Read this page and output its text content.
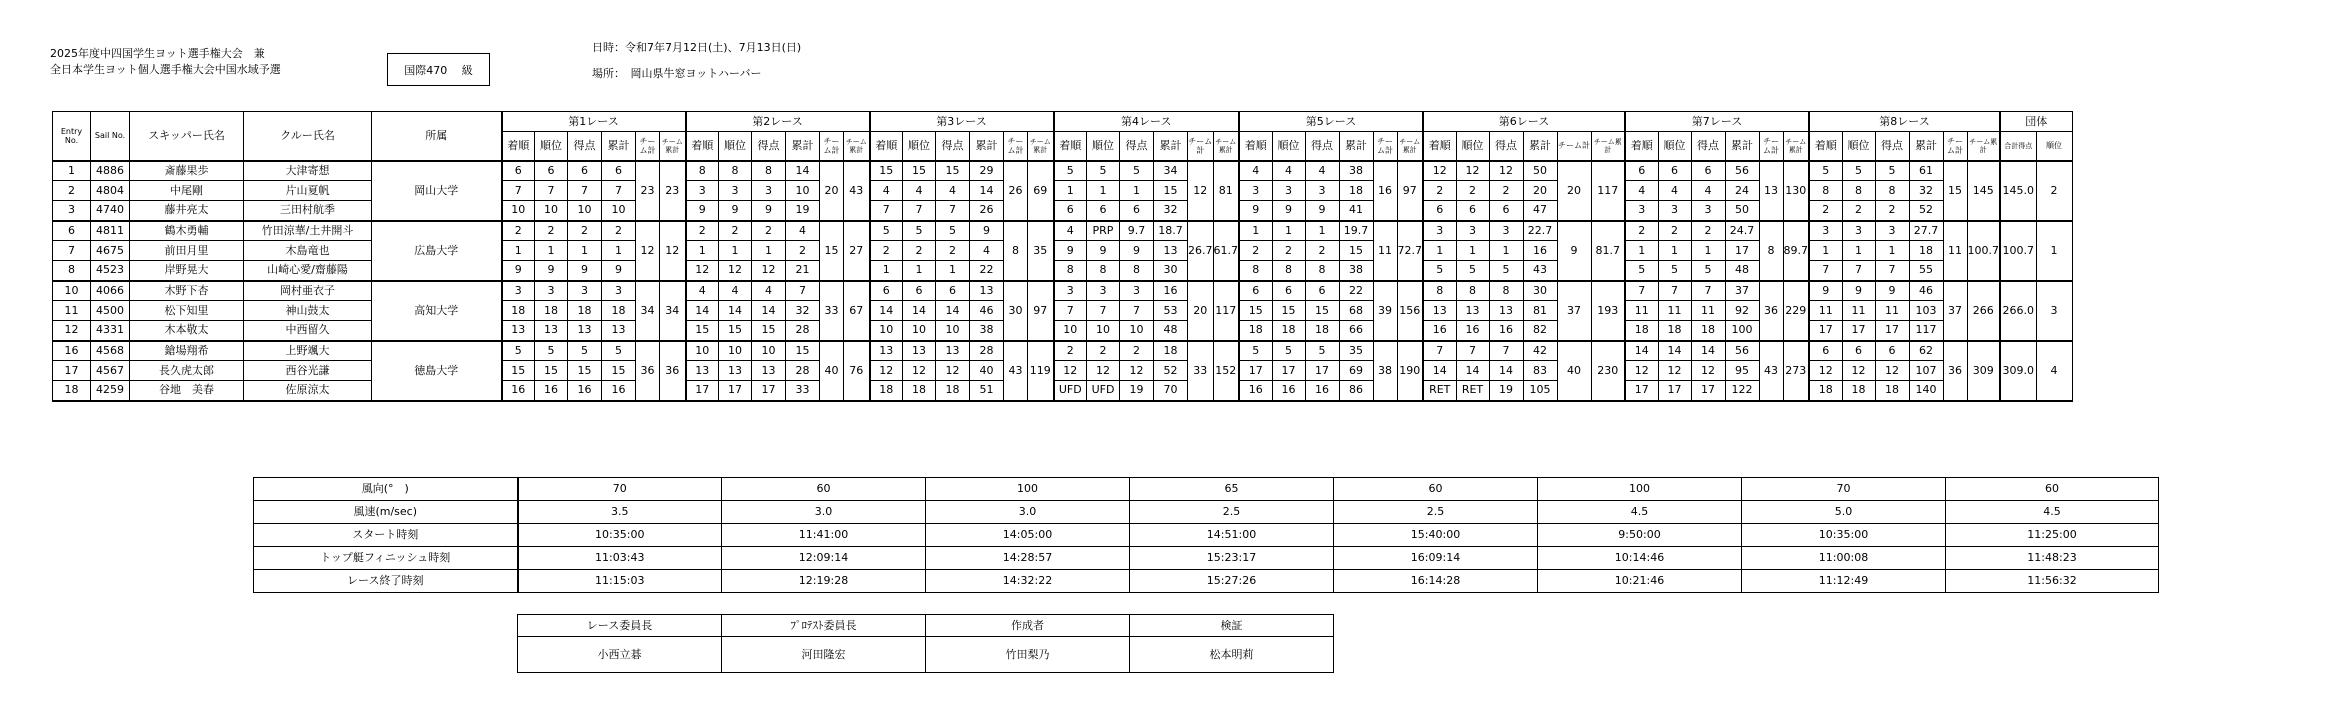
2025年度中四国学生ヨット選手権大会　兼
全日本学生ヨット個人選手権大会中国水域予選	国際470　 級
日時：令和7年7月12日(土)、7月13日(日)
場所：　岡山県牛窓ヨットハーバー
Entry No.	Sail No.	スキッパー氏名	クルー氏名	所属	第1レース						第2レース						第3レース						第4レース						第5レース						第6レース						第7レース						第8レース						団体	
					着順	順位	得点	累計	チーム計	チーム累計	着順	順位	得点	累計	チーム計	チーム累計	着順	順位	得点	累計	チーム計	チーム累計	着順	順位	得点	累計	チーム計	チーム累計	着順	順位	得点	累計	チーム計	チーム累計	着順	順位	得点	累計	チーム計	チーム累計	着順	順位	得点	累計	チーム計	チーム累計	着順	順位	得点	累計	チーム計	チーム累計	合計得点	順位
1	4886	斎藤果歩	大津寄想	岡山大学	6	6	6	6	23	23	8	8	8	14	20	43	15	15	15	29	26	69	5	5	5	34	12	81	4	4	4	38	16	97	12	12	12	50	20	117	6	6	6	56	13	130	5	5	5	61	15	145	145.0	2
2	4804	中尾剛	片山夏帆		7	7	7	7			3	3	3	10			4	4	4	14			1	1	1	15			3	3	3	18			2	2	2	20			4	4	4	24			8	8	8	32				
3	4740	藤井亮太	三田村航季		10	10	10	10			9	9	9	19			7	7	7	26			6	6	6	32			9	9	9	41			6	6	6	47			3	3	3	50			2	2	2	52				
6	4811	鶴木勇輔	竹田涼華/土井開斗	広島大学	2	2	2	2	12	12	2	2	2	4	15	27	5	5	5	9	8	35	4	PRP	9.7	18.7	26.7	61.7	1	1	1	19.7	11	72.7	3	3	3	22.7	9	81.7	2	2	2	24.7	8	89.7	3	3	3	27.7	11	100.7	100.7	1
7	4675	前田月里	木島竜也		1	1	1	1			1	1	1	2			2	2	2	4			9	9	9	13			2	2	2	15			1	1	1	16			1	1	1	17			1	1	1	18				
8	4523	岸野晃大	山崎心愛/齋藤陽		9	9	9	9			12	12	12	21			1	1	1	22			8	8	8	30			8	8	8	38			5	5	5	43			5	5	5	48			7	7	7	55				
10	4066	木野下杏	岡村亜衣子	高知大学	3	3	3	3	34	34	4	4	4	7	33	67	6	6	6	13	30	97	3	3	3	16	20	117	6	6	6	22	39	156	8	8	8	30	37	193	7	7	7	37	36	229	9	9	9	46	37	266	266.0	3
11	4500	松下知里	神山鼓太		18	18	18	18			14	14	14	32			14	14	14	46			7	7	7	53			15	15	15	68			13	13	13	81			11	11	11	92			11	11	11	103				
12	4331	木本敬太	中西留久		13	13	13	13			15	15	15	28			10	10	10	38			10	10	10	48			18	18	18	66			16	16	16	82			18	18	18	100			17	17	17	117				
16	4568	鎗場翔希	上野颯大	徳島大学	5	5	5	5	36	36	10	10	10	15	40	76	13	13	13	28	43	119	2	2	2	18	33	152	5	5	5	35	38	190	7	7	7	42	40	230	14	14	14	56	43	273	6	6	6	62	36	309	309.0	4
17	4567	長久虎太郎	西谷光謙		15	15	15	15			13	13	13	28			12	12	12	40			12	12	12	52			17	17	17	69			14	14	14	83			12	12	12	95			12	12	12	107				
18	4259	谷地　美春	佐原涼太		16	16	16	16			17	17	17	33			18	18	18	51			UFD	UFD	19	70			16	16	16	86			RET	RET	19	105			17	17	17	122			18	18	18	140				
風向(°　)	70	60	100	65	60	100	70	60
風速(m/sec)	3.5	3.0	3.0	2.5	2.5	4.5	5.0	4.5
スタート時刻	10:35:00	11:41:00	14:05:00	14:51:00	15:40:00	9:50:00	10:35:00	11:25:00
トップ艇フィニッシュ時刻	11:03:43	12:09:14	14:28:57	15:23:17	16:09:14	10:14:46	11:00:08	11:48:23
レース終了時刻	11:15:03	12:19:28	14:32:22	15:27:26	16:14:28	10:21:46	11:12:49	11:56:32
レース委員長	ﾌﾟﾛﾃｽﾄ委員長	作成者	検証
小西立碁	河田隆宏	竹田梨乃	松本明莉
